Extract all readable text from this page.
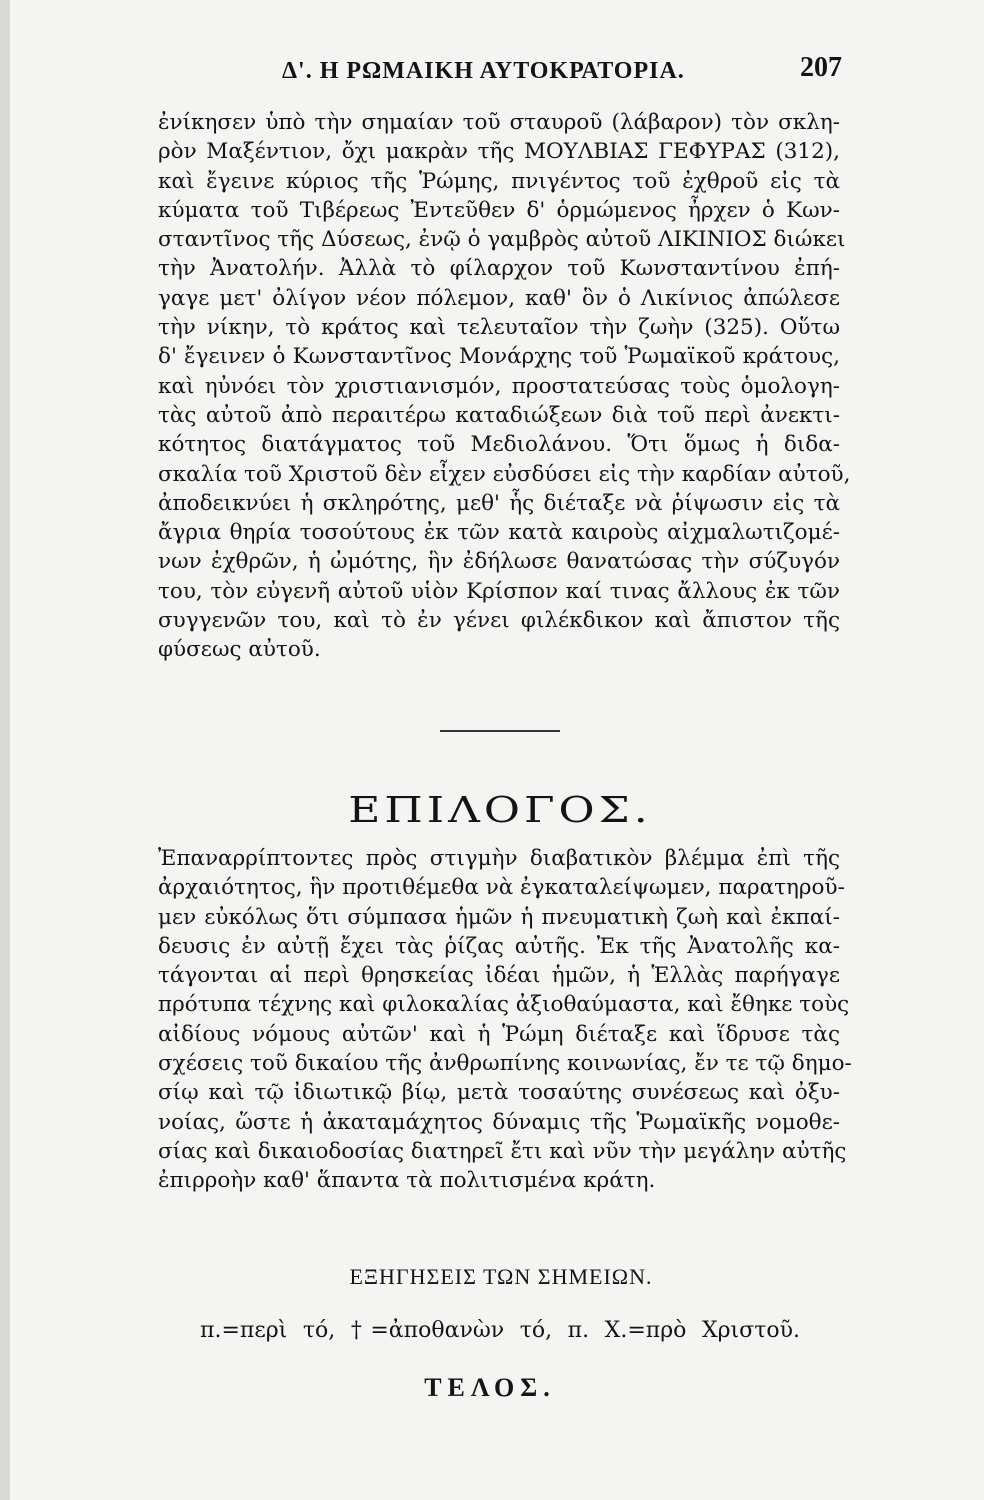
Δ'. Η ΡΩΜΑΙΚΗ ΑΥΤΟΚΡΑΤΟΡΙΑ.	207
ἐνίκησεν ὑπὸ τὴν σημαίαν τοῦ σταυροῦ (λάβαρον) τὸν σκλη-
ρὸν Μαξέντιον, ὄχι μακρὰν τῆς ΜΟΥΛΒΙΑΣ ΓΕΦΥΡΑΣ (312),
καὶ ἔγεινε κύριος τῆς Ῥώμης, πνιγέντος τοῦ ἐχθροῦ εἰς τὰ
κύματα τοῦ Τιβέρεως Ἐντεῦθεν δ' ὁρμώμενος ἦρχεν ὁ Κων-
σταντῖνος τῆς Δύσεως, ἐνῷ ὁ γαμβρὸς αὐτοῦ ΛΙΚΙΝΙΟΣ διώκει
τὴν Ἀνατολήν. Ἀλλὰ τὸ φίλαρχον τοῦ Κωνσταντίνου ἐπή-
γαγε μετ' ὀλίγον νέον πόλεμον, καθ' ὃν ὁ Λικίνιος ἀπώλεσε
τὴν νίκην, τὸ κράτος καὶ τελευταῖον τὴν ζωὴν (325). Οὕτω
δ' ἔγεινεν ὁ Κωνσταντῖνος Μονάρχης τοῦ Ῥωμαϊκοῦ κράτους,
καὶ ηὐνόει τὸν χριστιανισμόν, προστατεύσας τοὺς ὁμολογη-
τὰς αὐτοῦ ἀπὸ περαιτέρω καταδιώξεων διὰ τοῦ περὶ ἀνεκτι-
κότητος διατάγματος τοῦ Μεδιολάνου. Ὅτι ὅμως ἡ διδα-
σκαλία τοῦ Χριστοῦ δὲν εἶχεν εὐσδύσει εἰς τὴν καρδίαν αὐτοῦ,
ἀποδεικνύει ἡ σκληρότης, μεθ' ἧς διέταξε νὰ ῥίψωσιν εἰς τὰ
ἄγρια θηρία τοσούτους ἐκ τῶν κατὰ καιροὺς αἰχμαλωτιζομέ-
νων ἐχθρῶν, ἡ ὠμότης, ἣν ἐδήλωσε θανατώσας τὴν σύζυγόν
του, τὸν εὐγενῆ αὐτοῦ υἱὸν Κρίσπον καί τινας ἄλλους ἐκ τῶν
συγγενῶν του, καὶ τὸ ἐν γένει φιλέκδικον καὶ ἄπιστον τῆς
φύσεως αὐτοῦ.
ΕΠΙΛΟΓΟΣ.
Ἐπαναρρίπτοντες πρὸς στιγμὴν διαβατικὸν βλέμμα ἐπὶ τῆς
ἀρχαιότητος, ἣν προτιθέμεθα νὰ ἐγκαταλείψωμεν, παρατηροῦ-
μεν εὐκόλως ὅτι σύμπασα ἡμῶν ἡ πνευματικὴ ζωὴ καὶ ἐκπαί-
δευσις ἐν αὐτῇ ἔχει τὰς ῥίζας αὐτῆς. Ἐκ τῆς Ἀνατολῆς κα-
τάγονται αἱ περὶ θρησκείας ἰδέαι ἡμῶν, ἡ Ἑλλὰς παρήγαγε
πρότυπα τέχνης καὶ φιλοκαλίας ἀξιοθαύμαστα, καὶ ἔθηκε τοὺς
αἰδίους νόμους αὐτῶν' καὶ ἡ Ῥώμη διέταξε καὶ ἵδρυσε τὰς
σχέσεις τοῦ δικαίου τῆς ἀνθρωπίνης κοινωνίας, ἔν τε τῷ δημο-
σίῳ καὶ τῷ ἰδιωτικῷ βίῳ, μετὰ τοσαύτης συνέσεως καὶ ὀξυ-
νοίας, ὥστε ἡ ἀκαταμάχητος δύναμις τῆς Ῥωμαϊκῆς νομοθε-
σίας καὶ δικαιοδοσίας διατηρεῖ ἔτι καὶ νῦν τὴν μεγάλην αὐτῆς
ἐπιρροὴν καθ' ἅπαντα τὰ πολιτισμένα κράτη.
ΕΞΗΓΗΣΕΙΣ ΤΩΝ ΣΗΜΕΙΩΝ.
π.=περὶ τό, †=ἀποθανὼν τό, π. Χ.=πρὸ Χριστοῦ.
ΤΕΛΟΣ.
